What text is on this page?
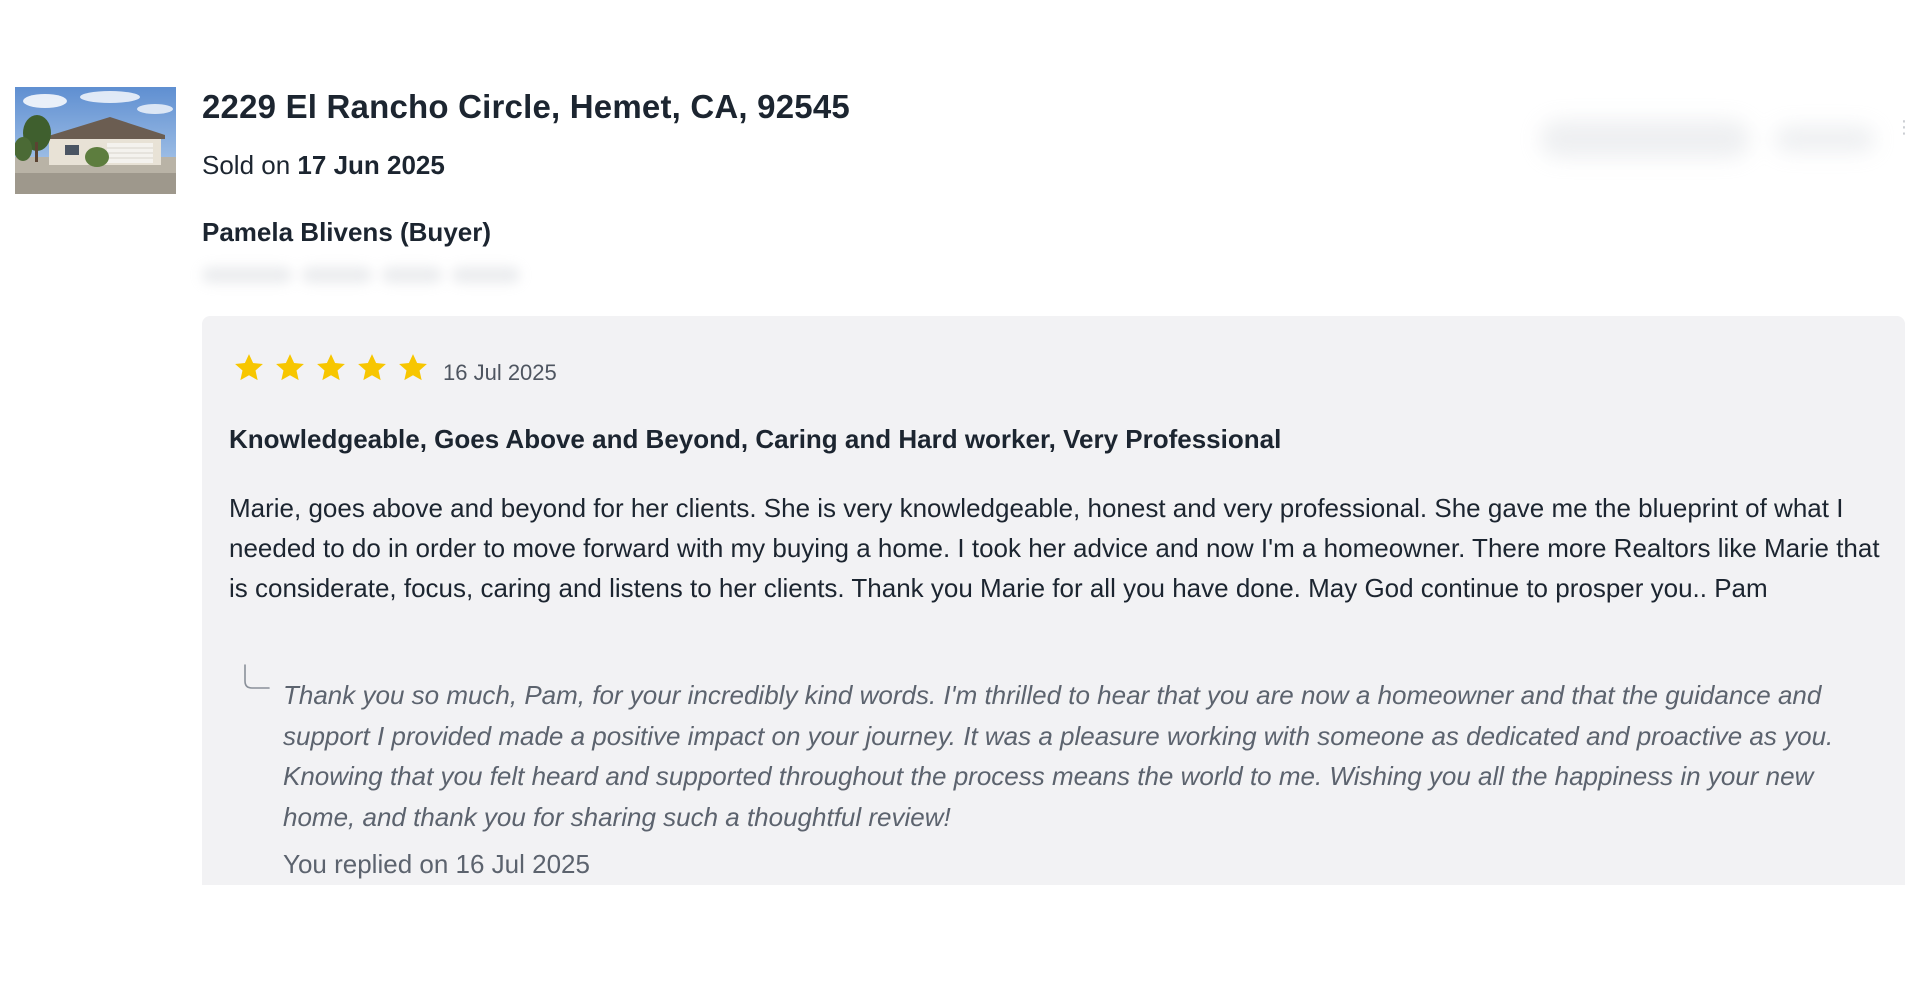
2229 El Rancho Circle, Hemet, CA, 92545
Sold on 17 Jun 2025
Pamela Blivens (Buyer)
⋮
16 Jul 2025
Knowledgeable, Goes Above and Beyond, Caring and Hard worker, Very Professional
Marie, goes above and beyond for her clients. She is very knowledgeable, honest and very professional. She gave me the blueprint of what I needed to do in order to move forward with my buying a home. I took her advice and now I'm a homeowner. There more Realtors like Marie that is considerate, focus, caring and listens to her clients. Thank you Marie for all you have done. May God continue to prosper you.. Pam
Thank you so much, Pam, for your incredibly kind words. I'm thrilled to hear that you are now a homeowner and that the guidance and support I provided made a positive impact on your journey. It was a pleasure working with someone as dedicated and proactive as you. Knowing that you felt heard and supported throughout the process means the world to me. Wishing you all the happiness in your new home, and thank you for sharing such a thoughtful review!
You replied on 16 Jul 2025
